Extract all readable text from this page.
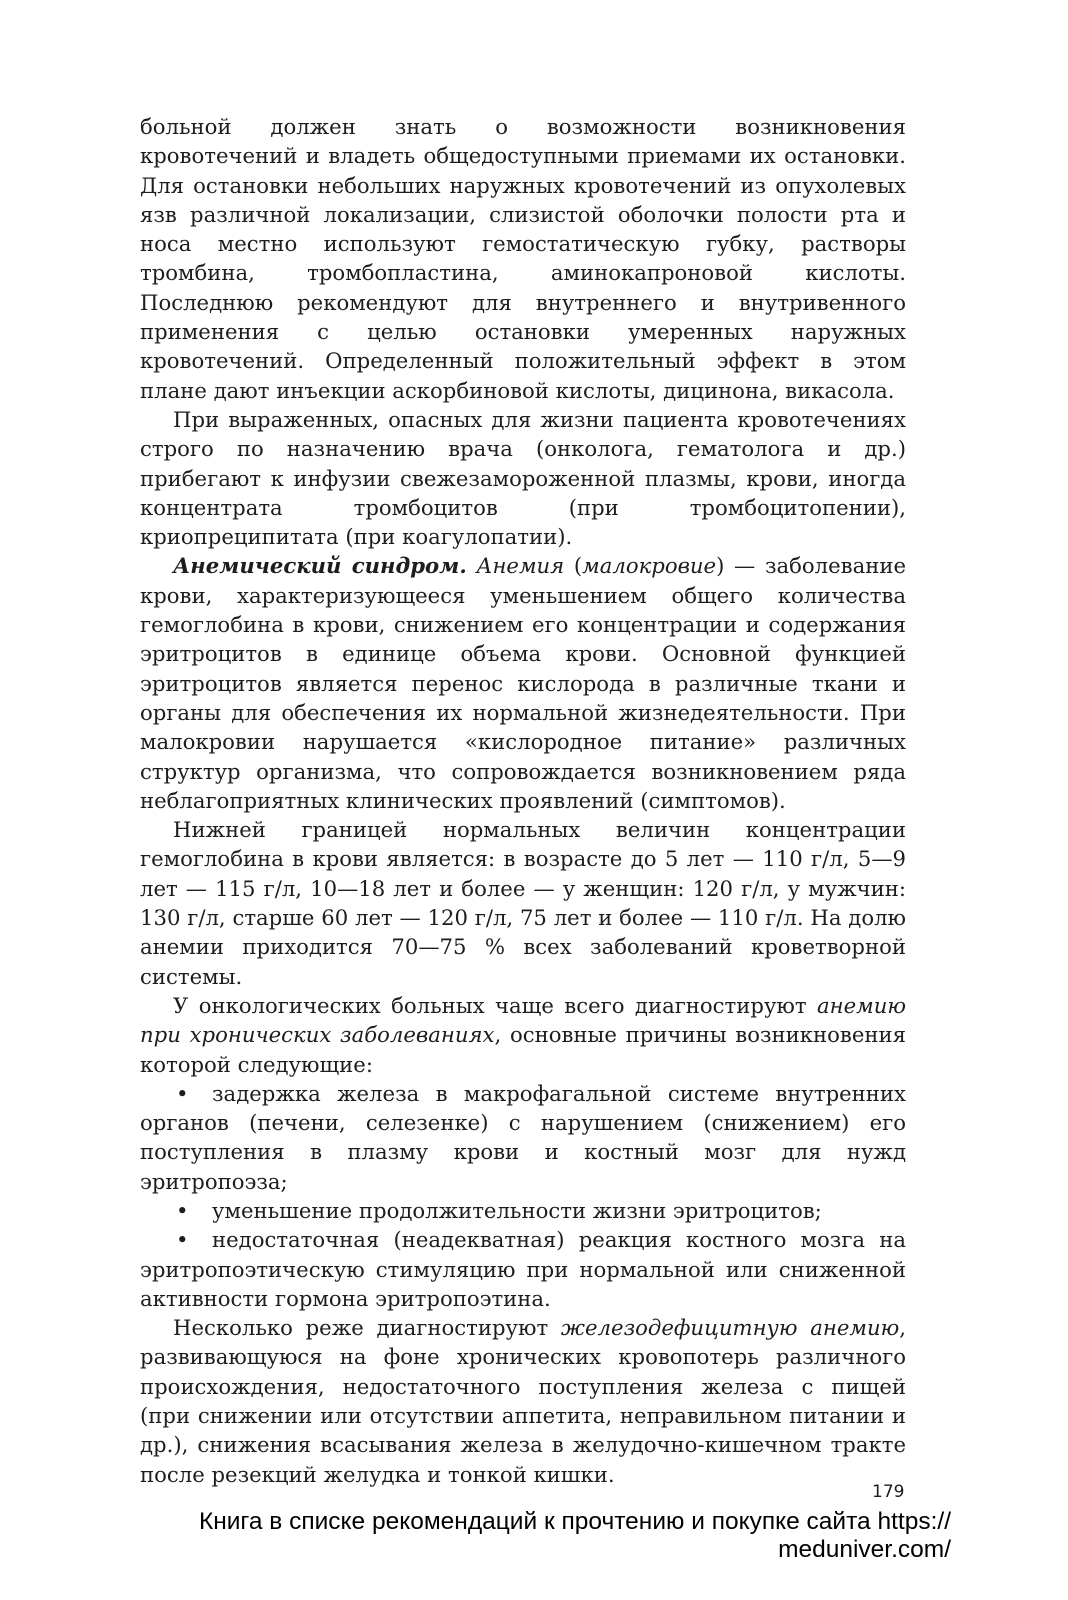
больной должен знать о возможности возникновения кровотечений и владеть общедоступными приемами их остановки. Для остановки небольших наружных кровотечений из опухолевых язв различной локализации, слизистой оболочки полости рта и носа местно используют гемостатическую губку, растворы тромбина, тромбопластина, аминокапроновой кислоты. Последнюю рекомендуют для внутреннего и внутривенного применения с целью остановки умеренных наружных кровотечений. Определенный положительный эффект в этом плане дают инъекции аскорбиновой кислоты, дицинона, викасола.

При выраженных, опасных для жизни пациента кровотечениях строго по назначению врача (онколога, гематолога и др.) прибегают к инфузии свежезамороженной плазмы, крови, иногда концентрата тромбоцитов (при тромбоцитопении), криопреципитата (при коагулопатии).

Анемический синдром. Анемия (малокровие) — заболевание крови, характеризующееся уменьшением общего количества гемоглобина в крови, снижением его концентрации и содержания эритроцитов в единице объема крови. Основной функцией эритроцитов является перенос кислорода в различные ткани и органы для обеспечения их нормальной жизнедеятельности. При малокровии нарушается «кислородное питание» различных структур организма, что сопровождается возникновением ряда неблагоприятных клинических проявлений (симптомов).

Нижней границей нормальных величин концентрации гемоглобина в крови является: в возрасте до 5 лет — 110 г/л, 5—9 лет — 115 г/л, 10—18 лет и более — у женщин: 120 г/л, у мужчин: 130 г/л, старше 60 лет — 120 г/л, 75 лет и более — 110 г/л. На долю анемии приходится 70—75 % всех заболеваний кроветворной системы.

У онкологических больных чаще всего диагностируют анемию при хронических заболеваниях, основные причины возникновения которой следующие:

• задержка железа в макрофагальной системе внутренних органов (печени, селезенке) с нарушением (снижением) его поступления в плазму крови и костный мозг для нужд эритропоэза;
• уменьшение продолжительности жизни эритроцитов;
• недостаточная (неадекватная) реакция костного мозга на эритропоэтическую стимуляцию при нормальной или сниженной активности гормона эритропоэтина.

Несколько реже диагностируют железодефицитную анемию, развивающуюся на фоне хронических кровопотерь различного происхождения, недостаточного поступления железа с пищей (при снижении или отсутствии аппетита, неправильном питании и др.), снижения всасывания железа в желудочно-кишечном тракте после резекций желудка и тонкой кишки.

179
Книга в списке рекомендаций к прочтению и покупке сайта https://
meduniver.com/
